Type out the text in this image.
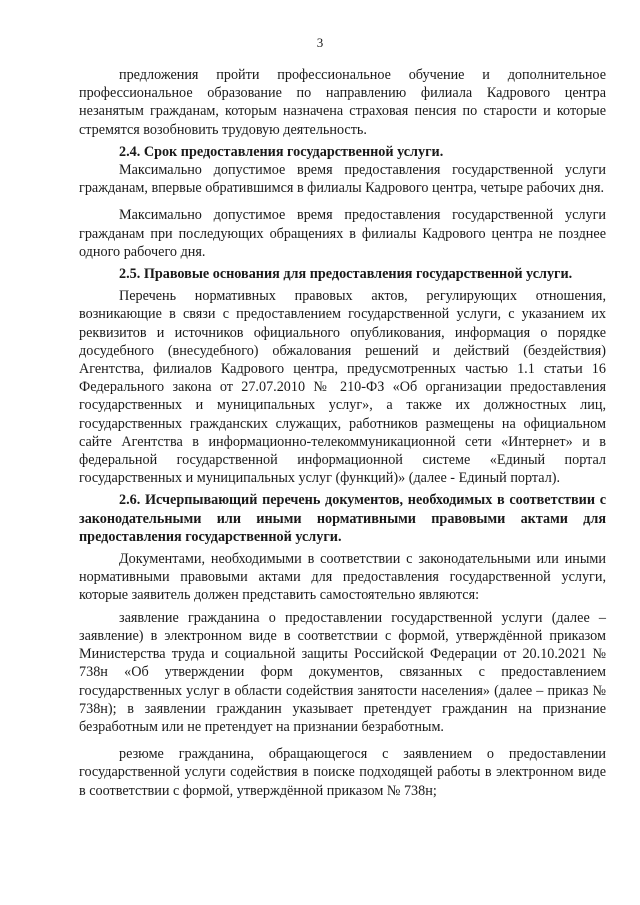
3

предложения пройти профессиональное обучение и дополнительное профессиональное образование по направлению филиала Кадрового центра незанятым гражданам, которым назначена страховая пенсия по старости и которые стремятся возобновить трудовую деятельность.

2.4. Срок предоставления государственной услуги.

Максимально допустимое время предоставления государственной услуги гражданам, впервые обратившимся в филиалы Кадрового центра, четыре рабочих дня.

Максимально допустимое время предоставления государственной услуги гражданам при последующих обращениях в филиалы Кадрового центра не позднее одного рабочего дня.

2.5. Правовые основания для предоставления государственной услуги.

Перечень нормативных правовых актов, регулирующих отношения, возникающие в связи с предоставлением государственной услуги, с указанием их реквизитов и источников официального опубликования, информация о порядке досудебного (внесудебного) обжалования решений и действий (бездействия) Агентства, филиалов Кадрового центра, предусмотренных частью 1.1 статьи 16 Федерального закона от 27.07.2010 № 210-ФЗ «Об организации предоставления государственных и муниципальных услуг», а также их должностных лиц, государственных гражданских служащих, работников размещены на официальном сайте Агентства в информационно-телекоммуникационной сети «Интернет» и в федеральной государственной информационной системе «Единый портал государственных и муниципальных услуг (функций)» (далее - Единый портал).

2.6. Исчерпывающий перечень документов, необходимых в соответствии с законодательными или иными нормативными правовыми актами для предоставления государственной услуги.

Документами, необходимыми в соответствии с законодательными или иными нормативными правовыми актами для предоставления государственной услуги, которые заявитель должен представить самостоятельно являются:

заявление гражданина о предоставлении государственной услуги (далее – заявление) в электронном виде в соответствии с формой, утверждённой приказом Министерства труда и социальной защиты Российской Федерации от 20.10.2021 № 738н «Об утверждении форм документов, связанных с предоставлением государственных услуг в области содействия занятости населения» (далее – приказ № 738н); в заявлении гражданин указывает претендует гражданин на признание безработным или не претендует на признании безработным.

резюме гражданина, обращающегося с заявлением о предоставлении государственной услуги содействия в поиске подходящей работы в электронном виде в соответствии с формой, утверждённой приказом № 738н;
